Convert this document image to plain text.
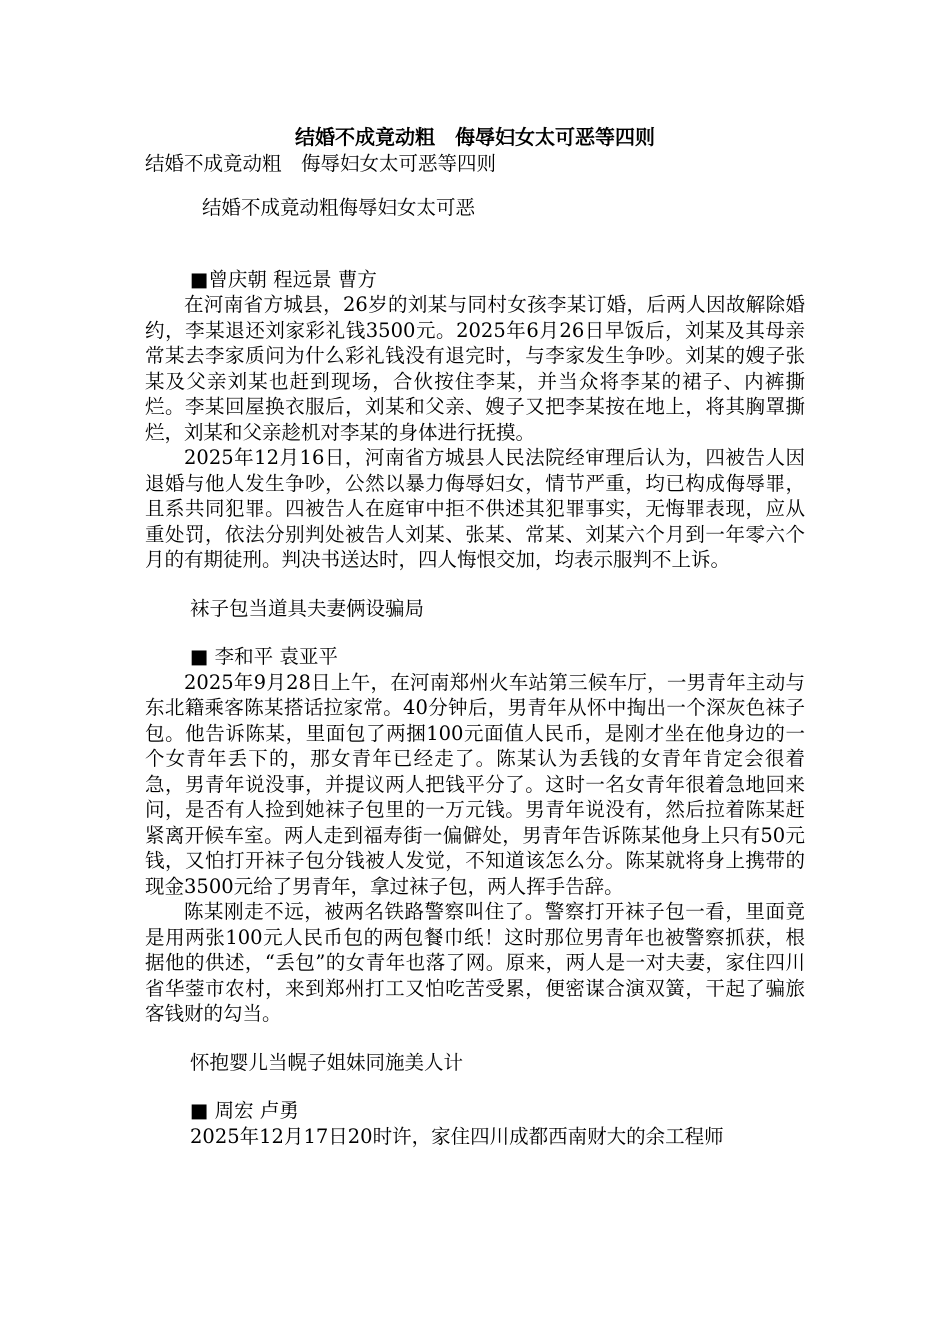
结婚不成竟动粗　侮辱妇女太可恶等四则
结婚不成竟动粗　侮辱妇女太可恶等四则

结婚不成竟动粗侮辱妇女太可恶

■曾庆朝 程远景 曹方

在河南省方城县，26岁的刘某与同村女孩李某订婚，后两人因故解除婚约，李某退还刘家彩礼钱3500元。2025年6月26日早饭后，刘某及其母亲常某去李家质问为什么彩礼钱没有退完时，与李家发生争吵。刘某的嫂子张某及父亲刘某也赶到现场，合伙按住李某，并当众将李某的裙子、内裤撕烂。李某回屋换衣服后，刘某和父亲、嫂子又把李某按在地上，将其胸罩撕烂，刘某和父亲趁机对李某的身体进行抚摸。

2025年12月16日，河南省方城县人民法院经审理后认为，四被告人因退婚与他人发生争吵，公然以暴力侮辱妇女，情节严重，均已构成侮辱罪，且系共同犯罪。四被告人在庭审中拒不供述其犯罪事实，无悔罪表现，应从重处罚，依法分别判处被告人刘某、张某、常某、刘某六个月到一年零六个月的有期徒刑。判决书送达时，四人悔恨交加，均表示服判不上诉。

袜子包当道具夫妻俩设骗局

■ 李和平 袁亚平

2025年9月28日上午，在河南郑州火车站第三候车厅，一男青年主动与东北籍乘客陈某搭话拉家常。40分钟后，男青年从怀中掏出一个深灰色袜子包。他告诉陈某，里面包了两捆100元面值人民币，是刚才坐在他身边的一个女青年丢下的，那女青年已经走了。陈某认为丢钱的女青年肯定会很着急，男青年说没事，并提议两人把钱平分了。这时一名女青年很着急地回来问，是否有人捡到她袜子包里的一万元钱。男青年说没有，然后拉着陈某赶紧离开候车室。两人走到福寿街一偏僻处，男青年告诉陈某他身上只有50元钱，又怕打开袜子包分钱被人发觉，不知道该怎么分。陈某就将身上携带的现金3500元给了男青年，拿过袜子包，两人挥手告辞。

陈某刚走不远，被两名铁路警察叫住了。警察打开袜子包一看，里面竟是用两张100元人民币包的两包餐巾纸！这时那位男青年也被警察抓获，根据他的供述，“丢包”的女青年也落了网。原来，两人是一对夫妻，家住四川省华蓥市农村，来到郑州打工又怕吃苦受累，便密谋合演双簧，干起了骗旅客钱财的勾当。

怀抱婴儿当幌子姐妹同施美人计

■ 周宏 卢勇

2025年12月17日20时许，家住四川成都西南财大的余工程师
